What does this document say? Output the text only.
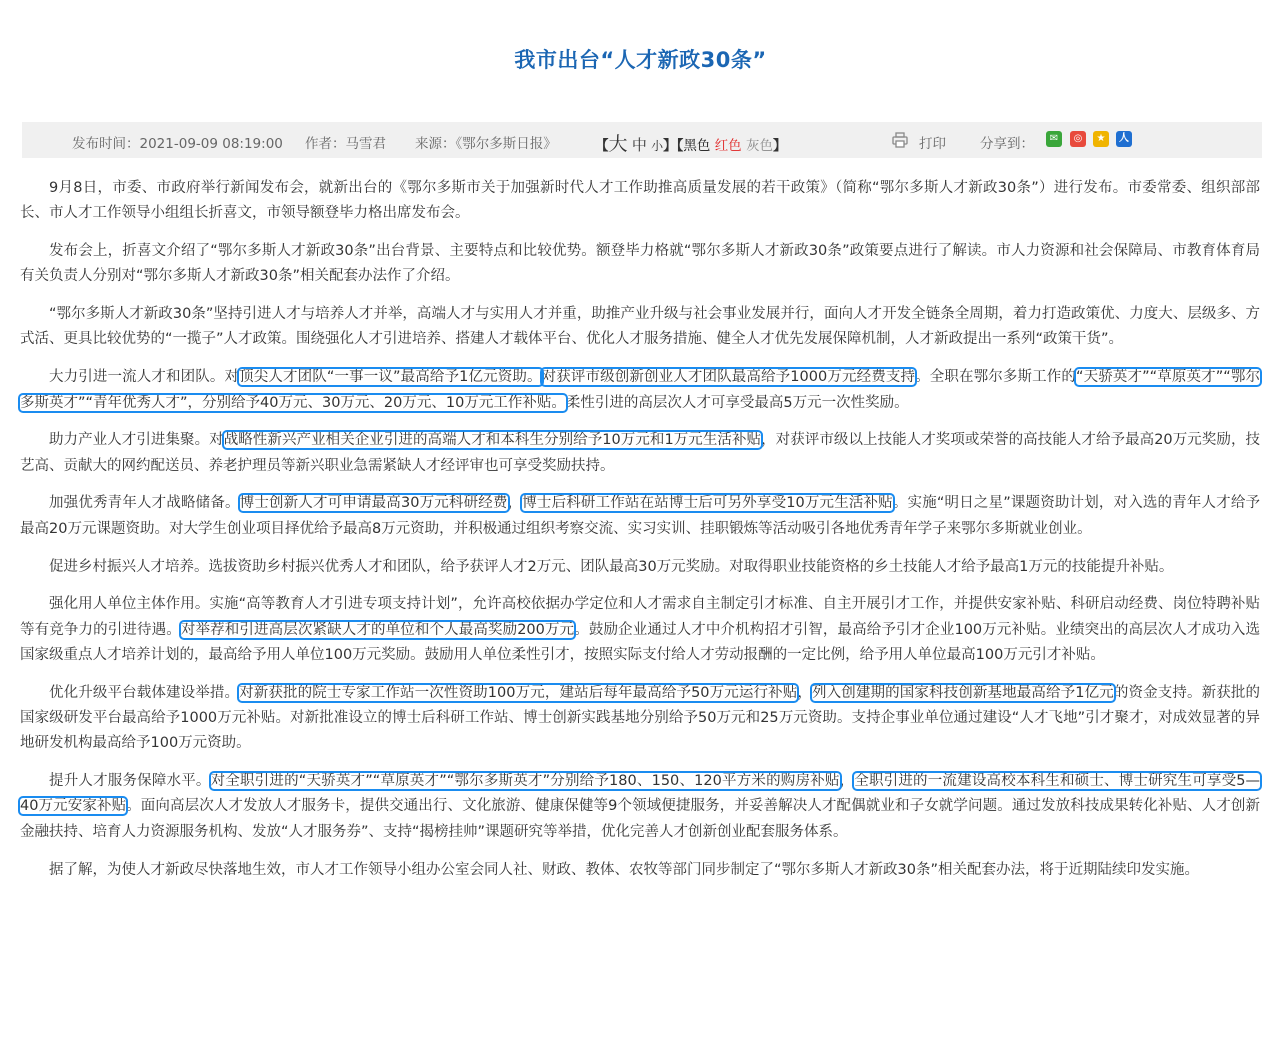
我市出台“人才新政30条”
发布时间：2021-09-09 08:19:00 作者：马雪君 来源：《鄂尔多斯日报》	【大 中 小】【黑色 红色 灰色】	打印	分享到：	✉	◎	★	人

9月8日，市委、市政府举行新闻发布会，就新出台的《鄂尔多斯市关于加强新时代人才工作助推高质量发展的若干政策》（简称“鄂尔多斯人才新政30条”）进行发布。市委常委、组织部部长、市人才工作领导小组组长折喜文，市领导额登毕力格出席发布会。

发布会上，折喜文介绍了“鄂尔多斯人才新政30条”出台背景、主要特点和比较优势。额登毕力格就“鄂尔多斯人才新政30条”政策要点进行了解读。市人力资源和社会保障局、市教育体育局有关负责人分别对“鄂尔多斯人才新政30条”相关配套办法作了介绍。

“鄂尔多斯人才新政30条”坚持引进人才与培养人才并举，高端人才与实用人才并重，助推产业升级与社会事业发展并行，面向人才开发全链条全周期，着力打造政策优、力度大、层级多、方式活、更具比较优势的“一揽子”人才政策。围绕强化人才引进培养、搭建人才载体平台、优化人才服务措施、健全人才优先发展保障机制，人才新政提出一系列“政策干货”。

大力引进一流人才和团队。对顶尖人才团队“一事一议”最高给予1亿元资助。对获评市级创新创业人才团队最高给予1000万元经费支持。全职在鄂尔多斯工作的“天骄英才”“草原英才”“鄂尔多斯英才”“青年优秀人才”，分别给予40万元、30万元、20万元、10万元工作补贴。柔性引进的高层次人才可享受最高5万元一次性奖励。

助力产业人才引进集聚。对战略性新兴产业相关企业引进的高端人才和本科生分别给予10万元和1万元生活补贴，对获评市级以上技能人才奖项或荣誉的高技能人才给予最高20万元奖励，技艺高、贡献大的网约配送员、养老护理员等新兴职业急需紧缺人才经评审也可享受奖励扶持。

加强优秀青年人才战略储备。博士创新人才可申请最高30万元科研经费，博士后科研工作站在站博士后可另外享受10万元生活补贴。实施“明日之星”课题资助计划，对入选的青年人才给予最高20万元课题资助。对大学生创业项目择优给予最高8万元资助，并积极通过组织考察交流、实习实训、挂职锻炼等活动吸引各地优秀青年学子来鄂尔多斯就业创业。

促进乡村振兴人才培养。选拔资助乡村振兴优秀人才和团队，给予获评人才2万元、团队最高30万元奖励。对取得职业技能资格的乡土技能人才给予最高1万元的技能提升补贴。

强化用人单位主体作用。实施“高等教育人才引进专项支持计划”，允许高校依据办学定位和人才需求自主制定引才标准、自主开展引才工作，并提供安家补贴、科研启动经费、岗位特聘补贴等有竞争力的引进待遇。对举荐和引进高层次紧缺人才的单位和个人最高奖励200万元。鼓励企业通过人才中介机构招才引智，最高给予引才企业100万元补贴。业绩突出的高层次人才成功入选国家级重点人才培养计划的，最高给予用人单位100万元奖励。鼓励用人单位柔性引才，按照实际支付给人才劳动报酬的一定比例，给予用人单位最高100万元引才补贴。

优化升级平台载体建设举措。对新获批的院士专家工作站一次性资助100万元，建站后每年最高给予50万元运行补贴，列入创建期的国家科技创新基地最高给予1亿元的资金支持。新获批的国家级研发平台最高给予1000万元补贴。对新批准设立的博士后科研工作站、博士创新实践基地分别给予50万元和25万元资助。支持企事业单位通过建设“人才飞地”引才聚才，对成效显著的异地研发机构最高给予100万元资助。

提升人才服务保障水平。对全职引进的“天骄英才”“草原英才”“鄂尔多斯英才”分别给予180、150、120平方米的购房补贴，全职引进的一流建设高校本科生和硕士、博士研究生可享受5—40万元安家补贴。面向高层次人才发放人才服务卡，提供交通出行、文化旅游、健康保健等9个领域便捷服务，并妥善解决人才配偶就业和子女就学问题。通过发放科技成果转化补贴、人才创新金融扶持、培育人力资源服务机构、发放“人才服务券”、支持“揭榜挂帅”课题研究等举措，优化完善人才创新创业配套服务体系。

据了解，为使人才新政尽快落地生效，市人才工作领导小组办公室会同人社、财政、教体、农牧等部门同步制定了“鄂尔多斯人才新政30条”相关配套办法，将于近期陆续印发实施。
